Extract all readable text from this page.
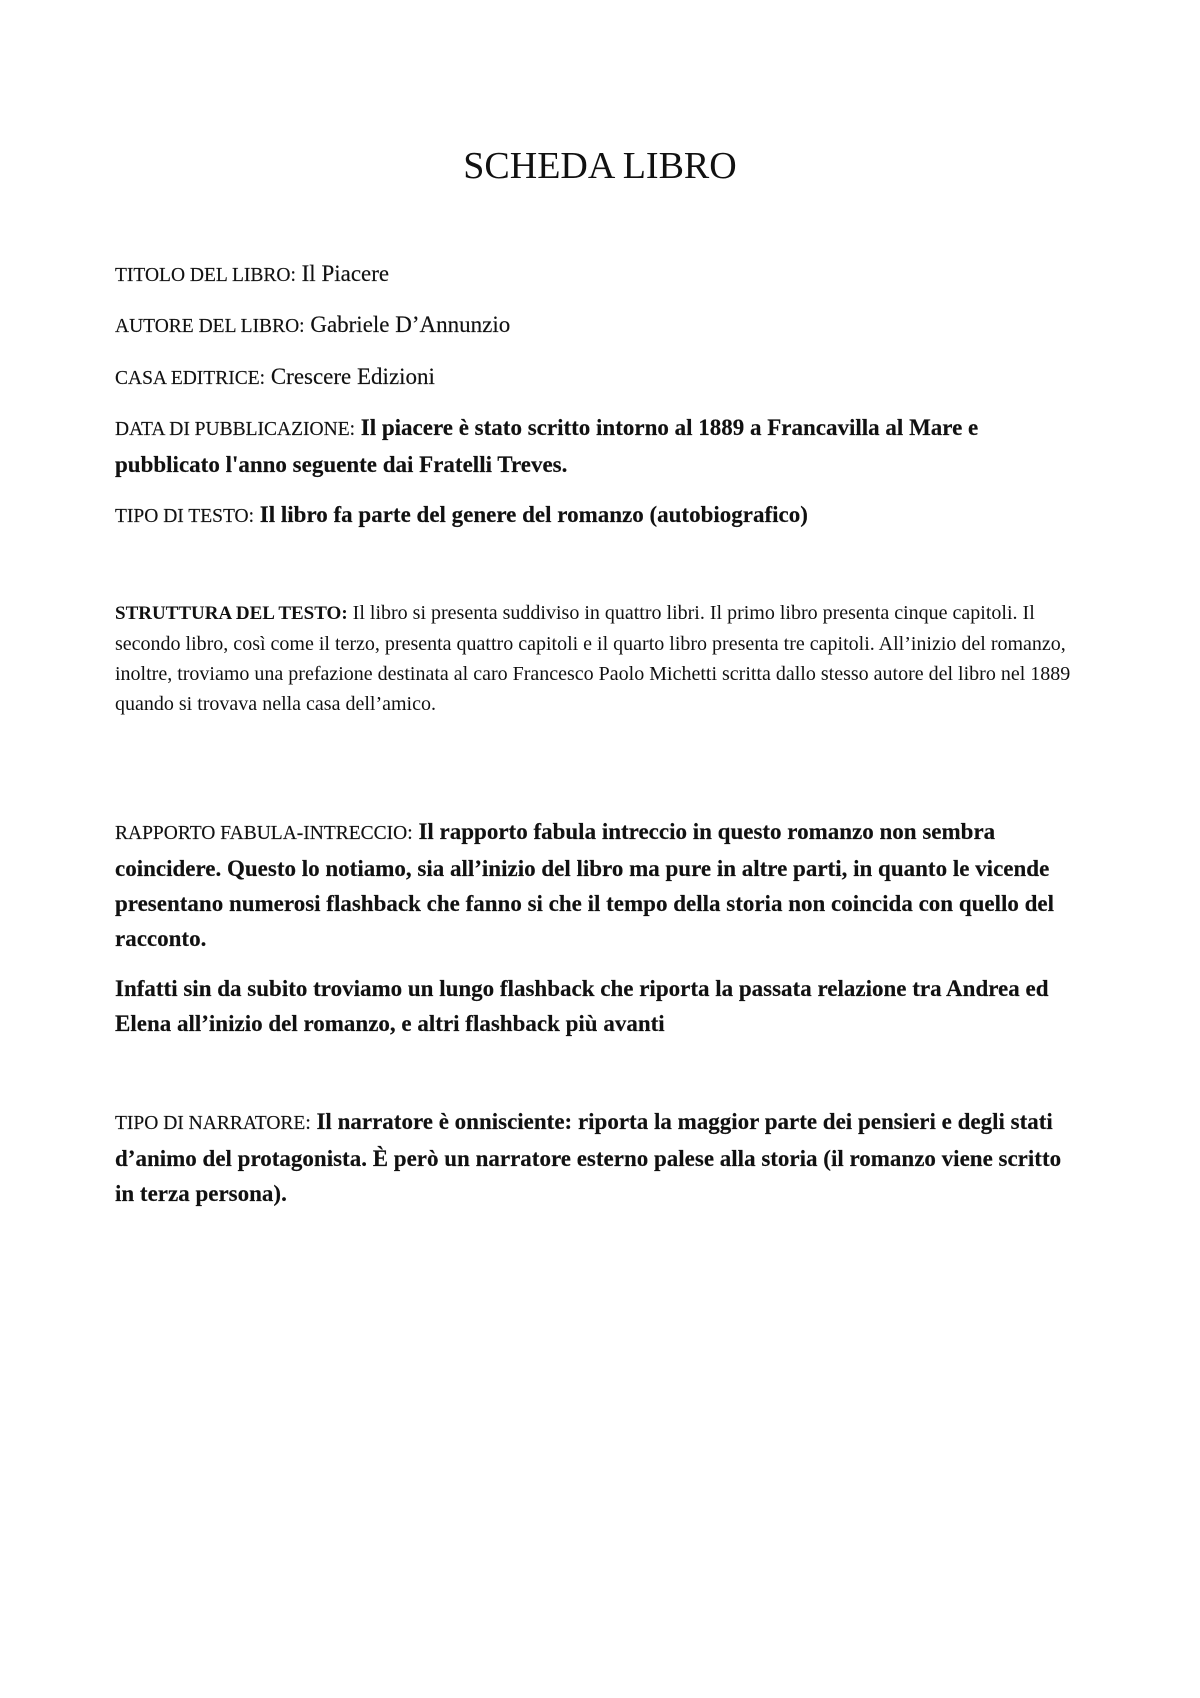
SCHEDA LIBRO

TITOLO DEL LIBRO: Il Piacere

AUTORE DEL LIBRO: Gabriele D’Annunzio

CASA EDITRICE: Crescere Edizioni

DATA DI PUBBLICAZIONE: Il piacere è stato scritto intorno al 1889 a Francavilla al Mare e pubblicato l'anno seguente dai Fratelli Treves.

TIPO DI TESTO: Il libro fa parte del genere del romanzo (autobiografico)

STRUTTURA DEL TESTO: Il libro si presenta suddiviso in quattro libri. Il primo libro presenta cinque capitoli. Il secondo libro, così come il terzo, presenta quattro capitoli e il quarto libro presenta tre capitoli. All’inizio del romanzo, inoltre, troviamo una prefazione destinata al caro Francesco Paolo Michetti scritta dallo stesso autore del libro nel 1889 quando si trovava nella casa dell’amico.

RAPPORTO FABULA-INTRECCIO: Il rapporto fabula intreccio in questo romanzo non sembra coincidere. Questo lo notiamo, sia all’inizio del libro ma pure in altre parti, in quanto le vicende presentano numerosi flashback che fanno si che il tempo della storia non coincida con quello del racconto.

Infatti sin da subito troviamo un lungo flashback che riporta la passata relazione tra Andrea ed Elena all’inizio del romanzo, e altri flashback più avanti

TIPO DI NARRATORE: Il narratore è onnisciente: riporta la maggior parte dei pensieri e degli stati d’animo del protagonista. È però un narratore esterno palese alla storia (il romanzo viene scritto in terza persona).
